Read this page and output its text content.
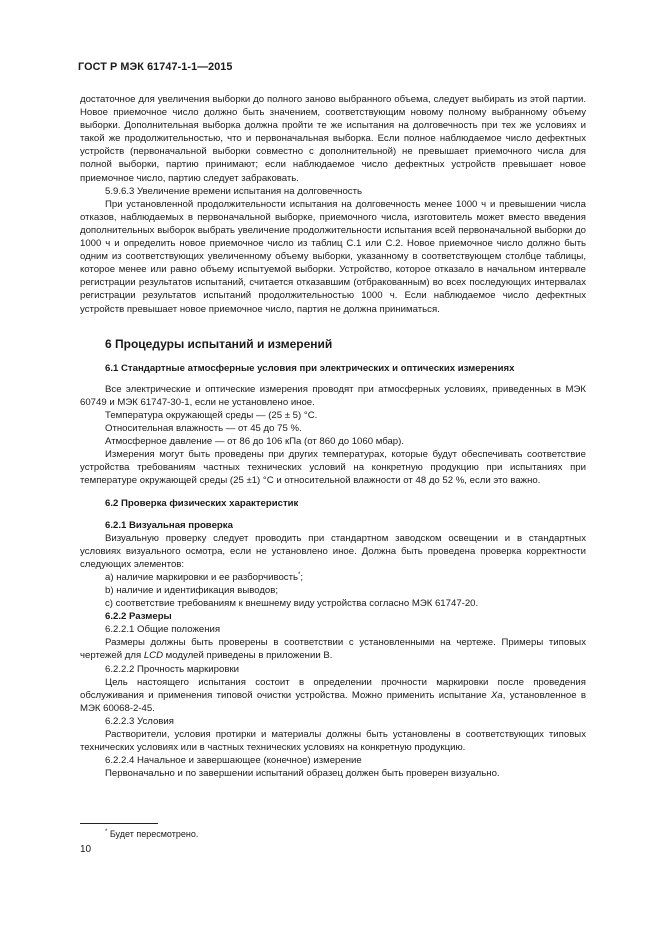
ГОСТ Р МЭК 61747-1-1—2015

достаточное для увеличения выборки до полного заново выбранного объема, следует выбирать из этой партии. Новое приемочное число должно быть значением, соответствующим новому полному выбранному объему выборки. Дополнительная выборка должна пройти те же испытания на долговечность при тех же условиях и такой же продолжительностью, что и первоначальная выборка. Если полное наблюдаемое число дефектных устройств (первоначальной выборки совместно с дополнительной) не превышает приемочного числа для полной выборки, партию принимают; если наблюдаемое число дефектных устройств превышает новое приемочное число, партию следует забраковать.

5.9.6.3 Увеличение времени испытания на долговечность

При установленной продолжительности испытания на долговечность менее 1000 ч и превышении числа отказов, наблюдаемых в первоначальной выборке, приемочного числа, изготовитель может вместо введения дополнительных выборок выбрать увеличение продолжительности испытания всей первоначальной выборки до 1000 ч и определить новое приемочное число из таблиц C.1 или C.2. Новое приемочное число должно быть одним из соответствующих увеличенному объему выборки, указанному в соответствующем столбце таблицы, которое менее или равно объему испытуемой выборки. Устройство, которое отказало в начальном интервале регистрации результатов испытаний, считается отказавшим (отбракованным) во всех последующих интервалах регистрации результатов испытаний продолжительностью 1000 ч. Если наблюдаемое число дефектных устройств превышает новое приемочное число, партия не должна приниматься.

6 Процедуры испытаний и измерений

6.1 Стандартные атмосферные условия при электрических и оптических измерениях

Все электрические и оптические измерения проводят при атмосферных условиях, приведенных в МЭК 60749 и МЭК 61747-30-1, если не установлено иное.

Температура окружающей среды — (25 ± 5) °С.

Относительная влажность — от 45 до 75 %.

Атмосферное давление — от 86 до 106 кПа (от 860 до 1060 мбар).

Измерения могут быть проведены при других температурах, которые будут обеспечивать соответствие устройства требованиям частных технических условий на конкретную продукцию при испытаниях при температуре окружающей среды (25 ±1) °С и относительной влажности от 48 до 52 %, если это важно.

6.2 Проверка физических характеристик

6.2.1 Визуальная проверка

Визуальную проверку следует проводить при стандартном заводском освещении и в стандартных условиях визуального осмотра, если не установлено иное. Должна быть проведена проверка корректности следующих элементов:

a) наличие маркировки и ее разборчивость*;

b) наличие и идентификация выводов;

c) соответствие требованиям к внешнему виду устройства согласно МЭК 61747-20.

6.2.2 Размеры

6.2.2.1 Общие положения

Размеры должны быть проверены в соответствии с установленными на чертеже. Примеры типовых чертежей для LCD модулей приведены в приложении В.

6.2.2.2 Прочность маркировки

Цель настоящего испытания состоит в определении прочности маркировки после проведения обслуживания и применения типовой очистки устройства. Можно применить испытание Xa, установленное в МЭК 60068-2-45.

6.2.2.3 Условия

Растворители, условия протирки и материалы должны быть установлены в соответствующих типовых технических условиях или в частных технических условиях на конкретную продукцию.

6.2.2.4 Начальное и завершающее (конечное) измерение

Первоначально и по завершении испытаний образец должен быть проверен визуально.

* Будет пересмотрено.
10
